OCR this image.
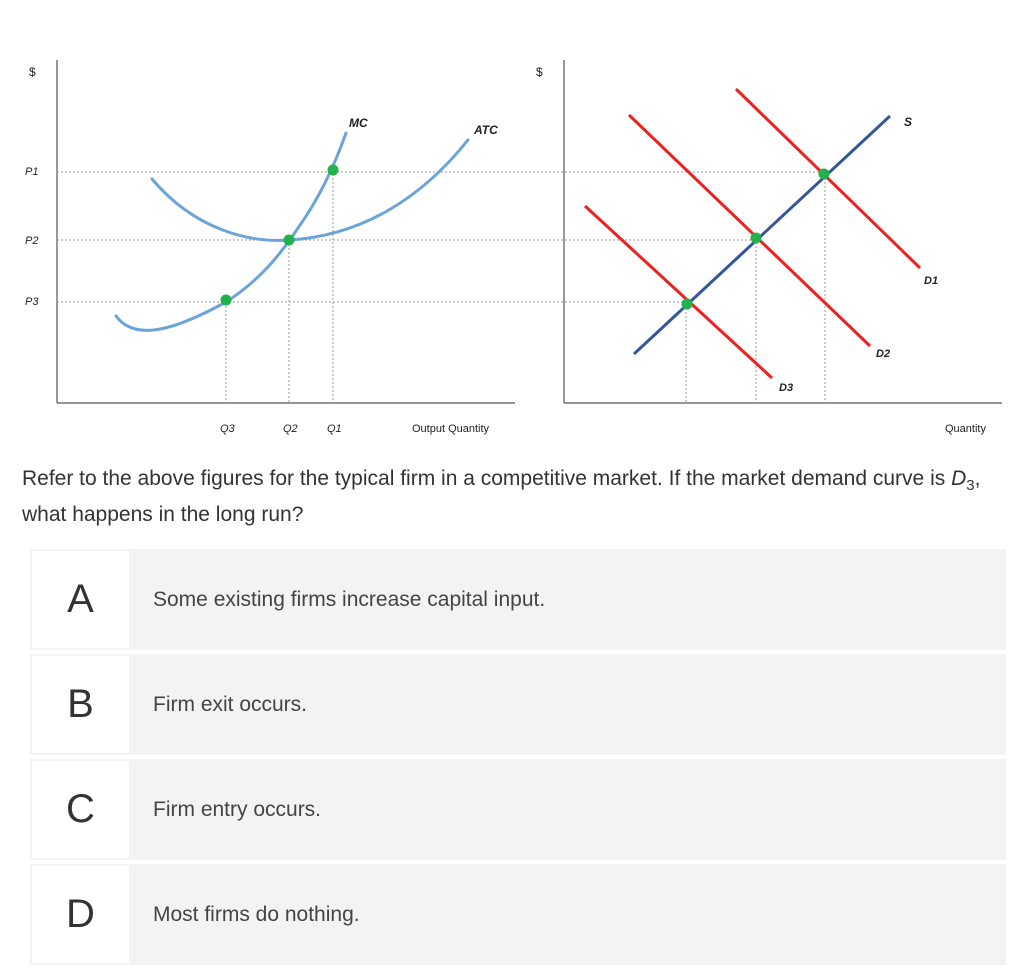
$
P1
P2
P3
MC	ATC
Q3	Q2	Q1	Output Quantity
$
S
D1
D2
D3
Quantity
Refer to the above figures for the typical firm in a competitive market. If the market demand curve is $D_3$, what happens in the long run?
A	Some existing firms increase capital input.
B	Firm exit occurs.
C	Firm entry occurs.
D	Most firms do nothing.
